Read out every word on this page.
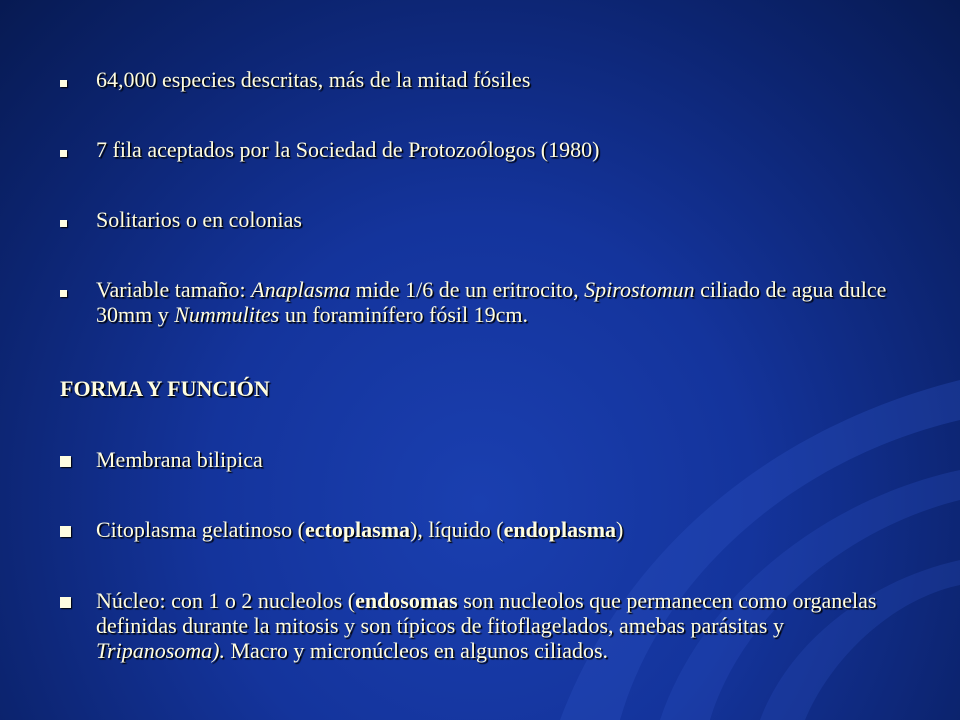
64,000 especies descritas, más de la mitad fósiles
7 fila aceptados por la Sociedad de Protozoólogos (1980)
Solitarios o en colonias
Variable tamaño: Anaplasma mide 1/6 de un eritrocito, Spirostomun ciliado de agua dulce 30mm y Nummulites un foraminífero fósil 19cm.
FORMA Y FUNCIÓN
Membrana bilipica
Citoplasma gelatinoso (ectoplasma), líquido (endoplasma)
Núcleo: con 1 o 2 nucleolos (endosomas son nucleolos que permanecen como organelas definidas durante la mitosis y son típicos de fitoflagelados, amebas parásitas y Tripanosoma). Macro y micronúcleos en algunos ciliados.
